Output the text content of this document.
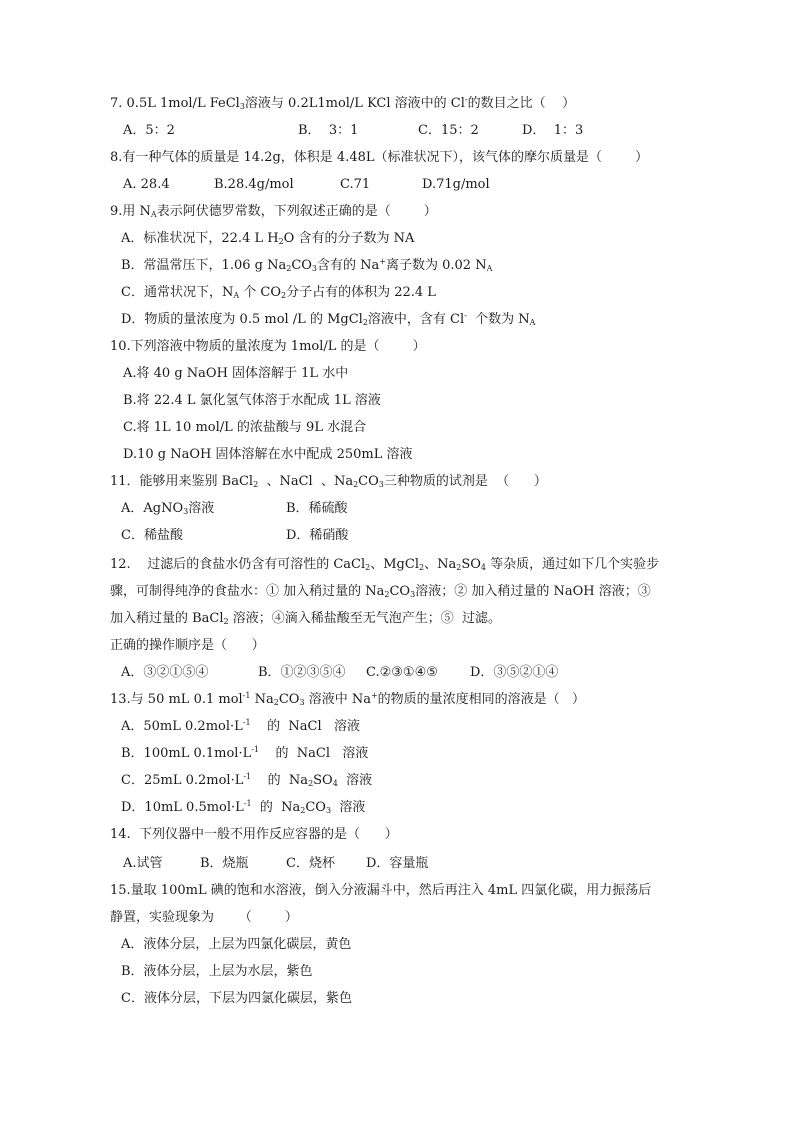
7. 0.5L 1mol/L FeCl$_3$溶液与 0.2L1mol/L KCl 溶液中的 Cl-的数目之比（    ）
A．5：2	B．  3：1	C．15：2	D．  1：3
8.有一种气体的质量是 14.2g，体积是 4.48L（标准状况下），该气体的摩尔质量是（        ）
A. 28.4	B.28.4g/mol	C.71	D.71g/mol
9.用 $N_A$表示阿伏德罗常数，下列叙述正确的是（        ）
A．标准状况下，22.4 L $H_2O$ 含有的分子数为 NA
B．常温常压下，1.06 g $Na_2CO_3$含有的 Na+离子数为 0.02 $N_A$
C．通常状况下，$N_A$ 个 $CO_2$分子占有的体积为 22.4 L
D．物质的量浓度为 0.5 mol /L 的 MgCl$_2$溶液中，含有 Cl-  个数为 $N_A$
10.下列溶液中物质的量浓度为 1mol/L 的是（        ）
A.将 40 g NaOH 固体溶解于 1L 水中
B.将 22.4 L 氯化氢气体溶于水配成 1L 溶液
C.将 1L 10 mol/L 的浓盐酸与 9L 水混合
D.10 g NaOH 固体溶解在水中配成 250mL 溶液
11．能够用来鉴别 BaCl$_2$  、NaCl  、$Na_2CO_3$三种物质的试剂是  （      ）
A．AgNO$_3$溶液	B．稀硫酸
C．稀盐酸	D．稀硝酸
12.    过滤后的食盐水仍含有可溶性的 CaCl$_2$、MgCl$_2$、$Na_2SO_4$ 等杂质，通过如下几个实验步
骤，可制得纯净的食盐水：① 加入稍过量的 $Na_2CO_3$溶液；② 加入稍过量的 NaOH 溶液；③
加入稍过量的 BaCl$_2$ 溶液；④滴入稀盐酸至无气泡产生；⑤  过滤。
正确的操作顺序是（      ）
A．③②①⑤④	B．①②③⑤④ C.②③①④⑤ D．③⑤②①④
13.与 50 mL 0.1 mol$^{-1}$ $Na_2CO_3$ 溶液中 Na+的物质的量浓度相同的溶液是（   ）
A．50mL $0.2mol\cdot L^{-1}$    的  NaCl   溶液
B．100mL $0.1mol\cdot L^{-1}$    的  NaCl   溶液
C．25mL $0.2mol\cdot L^{-1}$    的  $Na_2SO_4$  溶液
D．10mL $0.5mol\cdot L^{-1}$  的  $Na_2CO_3$  溶液
14.  下列仪器中一般不用作反应容器的是（      ）
A.试管	B．烧瓶	C．烧杯 D．容量瓶
15.量取 100mL 碘的饱和水溶液，倒入分液漏斗中，然后再注入 4mL 四氯化碳，用力振荡后
静置，实验现象为      （        ）
A．液体分层，上层为四氯化碳层，黄色
B．液体分层，上层为水层，紫色
C．液体分层，下层为四氯化碳层，紫色
